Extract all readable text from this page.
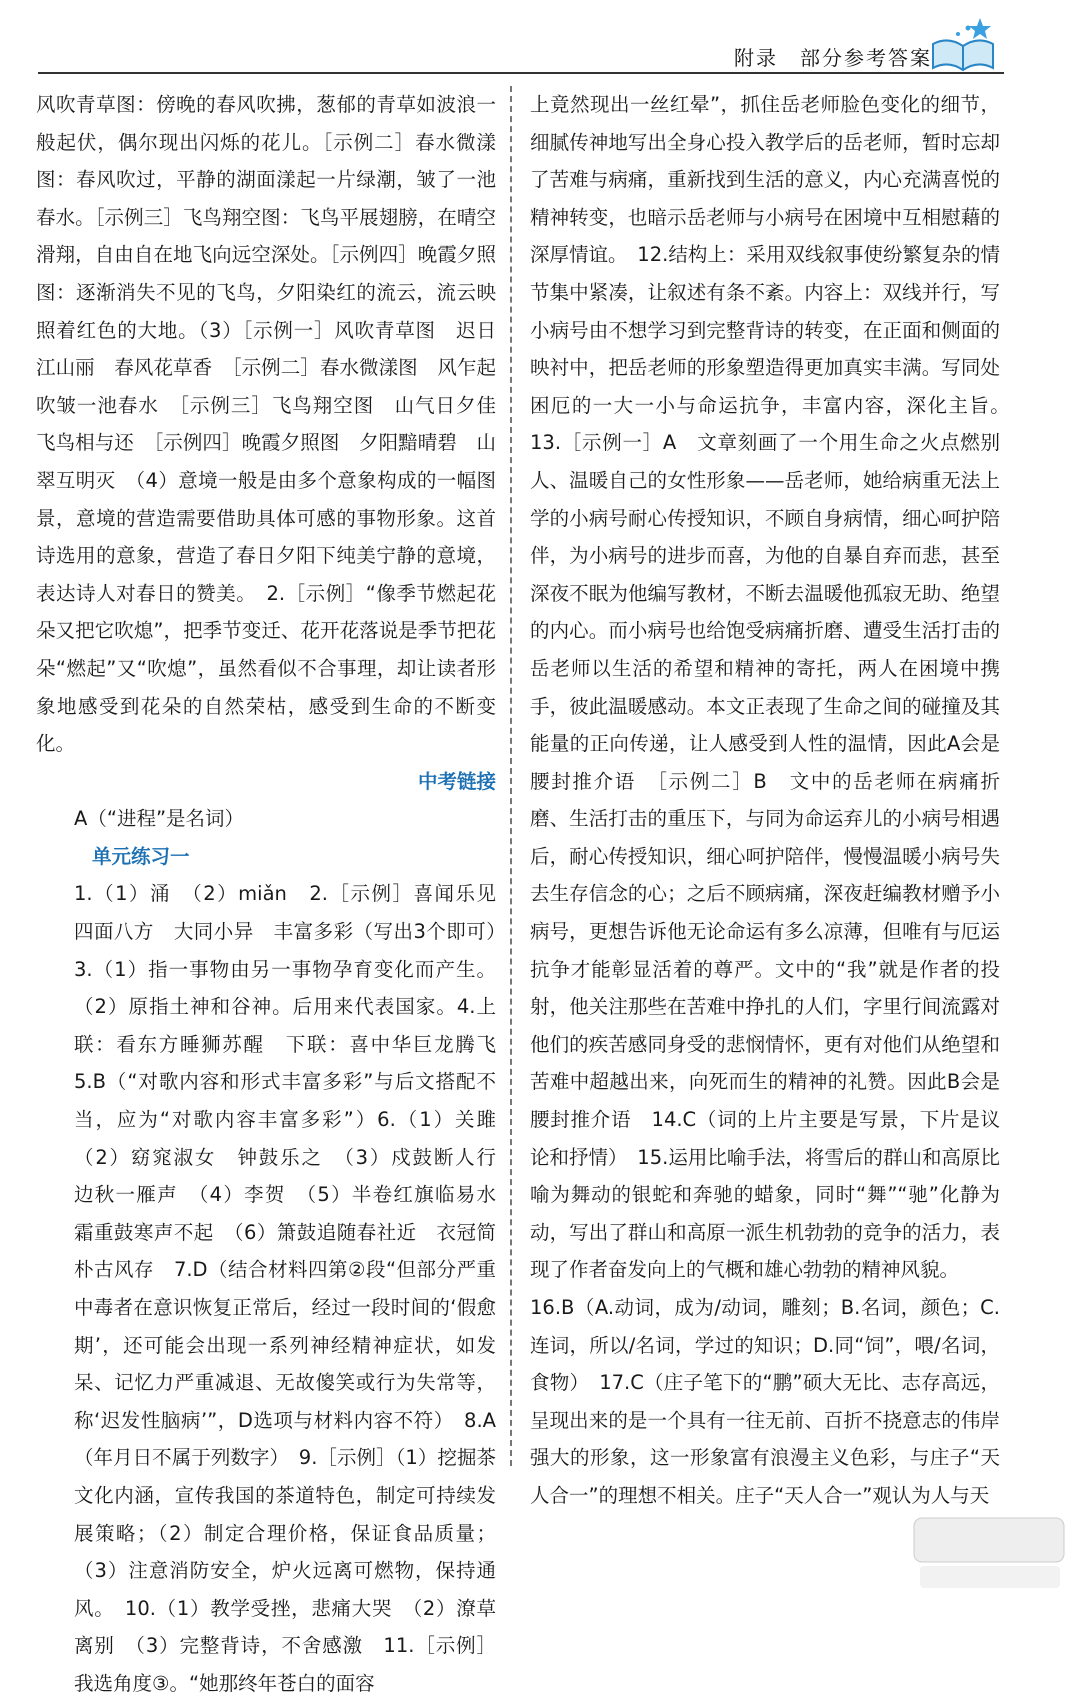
附录　部分参考答案

风吹青草图：傍晚的春风吹拂，葱郁的青草如波浪一般起伏，偶尔现出闪烁的花儿。［示例二］春水微漾图：春风吹过，平静的湖面漾起一片绿潮，皱了一池春水。［示例三］飞鸟翔空图：飞鸟平展翅膀，在晴空滑翔，自由自在地飞向远空深处。［示例四］晚霞夕照图：逐渐消失不见的飞鸟，夕阳染红的流云，流云映照着红色的大地。（3）［示例一］风吹青草图　迟日江山丽　春风花草香　［示例二］春水微漾图　风乍起　吹皱一池春水　［示例三］飞鸟翔空图　山气日夕佳　飞鸟相与还　［示例四］晚霞夕照图　夕阳黯晴碧　山翠互明灭　（4）意境一般是由多个意象构成的一幅图景，意境的营造需要借助具体可感的事物形象。这首诗选用的意象，营造了春日夕阳下纯美宁静的意境，表达诗人对春日的赞美。　2.［示例］“像季节燃起花朵又把它吹熄”，把季节变迁、花开花落说是季节把花朵“燃起”又“吹熄”，虽然看似不合事理，却让读者形象地感受到花朵的自然荣枯，感受到生命的不断变化。

中考链接

A（“进程”是名词）

单元练习一

1.（1）涌　（2）miǎn　2.［示例］喜闻乐见　四面八方　大同小异　丰富多彩（写出3个即可）　3.（1）指一事物由另一事物孕育变化而产生。（2）原指土神和谷神。后用来代表国家。4.上联：看东方睡狮苏醒　下联：喜中华巨龙腾飞　5.B（“对歌内容和形式丰富多彩”与后文搭配不当，应为“对歌内容丰富多彩”）6.（1）关雎　（2）窈窕淑女　钟鼓乐之　（3）戍鼓断人行　边秋一雁声　（4）李贺　（5）半卷红旗临易水　霜重鼓寒声不起　（6）箫鼓追随春社近　衣冠简朴古风存　7.D（结合材料四第②段“但部分严重中毒者在意识恢复正常后，经过一段时间的‘假愈期’，还可能会出现一系列神经精神症状，如发呆、记忆力严重减退、无故傻笑或行为失常等，称‘迟发性脑病’”，D选项与材料内容不符）　8.A（年月日不属于列数字）　9.［示例］（1）挖掘茶文化内涵，宣传我国的茶道特色，制定可持续发展策略；（2）制定合理价格，保证食品质量；（3）注意消防安全，炉火远离可燃物，保持通风。　10.（1）教学受挫，悲痛大哭　（2）潦草离别　（3）完整背诗，不舍感激　11.［示例］我选角度③。“她那终年苍白的面容

上竟然现出一丝红晕”，抓住岳老师脸色变化的细节，细腻传神地写出全身心投入教学后的岳老师，暂时忘却了苦难与病痛，重新找到生活的意义，内心充满喜悦的精神转变，也暗示岳老师与小病号在困境中互相慰藉的深厚情谊。　12.结构上：采用双线叙事使纷繁复杂的情节集中紧凑，让叙述有条不紊。内容上：双线并行，写小病号由不想学习到完整背诗的转变，在正面和侧面的映衬中，把岳老师的形象塑造得更加真实丰满。写同处困厄的一大一小与命运抗争，丰富内容，深化主旨。　13.［示例一］A　文章刻画了一个用生命之火点燃别人、温暖自己的女性形象——岳老师，她给病重无法上学的小病号耐心传授知识，不顾自身病情，细心呵护陪伴，为小病号的进步而喜，为他的自暴自弃而悲，甚至深夜不眠为他编写教材，不断去温暖他孤寂无助、绝望的内心。而小病号也给饱受病痛折磨、遭受生活打击的岳老师以生活的希望和精神的寄托，两人在困境中携手，彼此温暖感动。本文正表现了生命之间的碰撞及其能量的正向传递，让人感受到人性的温情，因此A会是腰封推介语　［示例二］B　文中的岳老师在病痛折磨、生活打击的重压下，与同为命运弃儿的小病号相遇后，耐心传授知识，细心呵护陪伴，慢慢温暖小病号失去生存信念的心；之后不顾病痛，深夜赶编教材赠予小病号，更想告诉他无论命运有多么凉薄，但唯有与厄运抗争才能彰显活着的尊严。文中的“我”就是作者的投射，他关注那些在苦难中挣扎的人们，字里行间流露对他们的疾苦感同身受的悲悯情怀，更有对他们从绝望和苦难中超越出来，向死而生的精神的礼赞。因此B会是腰封推介语　14.C（词的上片主要是写景，下片是议论和抒情）　15.运用比喻手法，将雪后的群山和高原比喻为舞动的银蛇和奔驰的蜡象，同时“舞”“驰”化静为动，写出了群山和高原一派生机勃勃的竞争的活力，表现了作者奋发向上的气概和雄心勃勃的精神风貌。

16.B（A.动词，成为/动词，雕刻；B.名词，颜色；C.连词，所以/名词，学过的知识；D.同“饲”，喂/名词，食物）　17.C（庄子笔下的“鹏”硕大无比、志存高远，呈现出来的是一个具有一往无前、百折不挠意志的伟岸强大的形象，这一形象富有浪漫主义色彩，与庄子“天人合一”的理想不相关。庄子“天人合一”观认为人与天
